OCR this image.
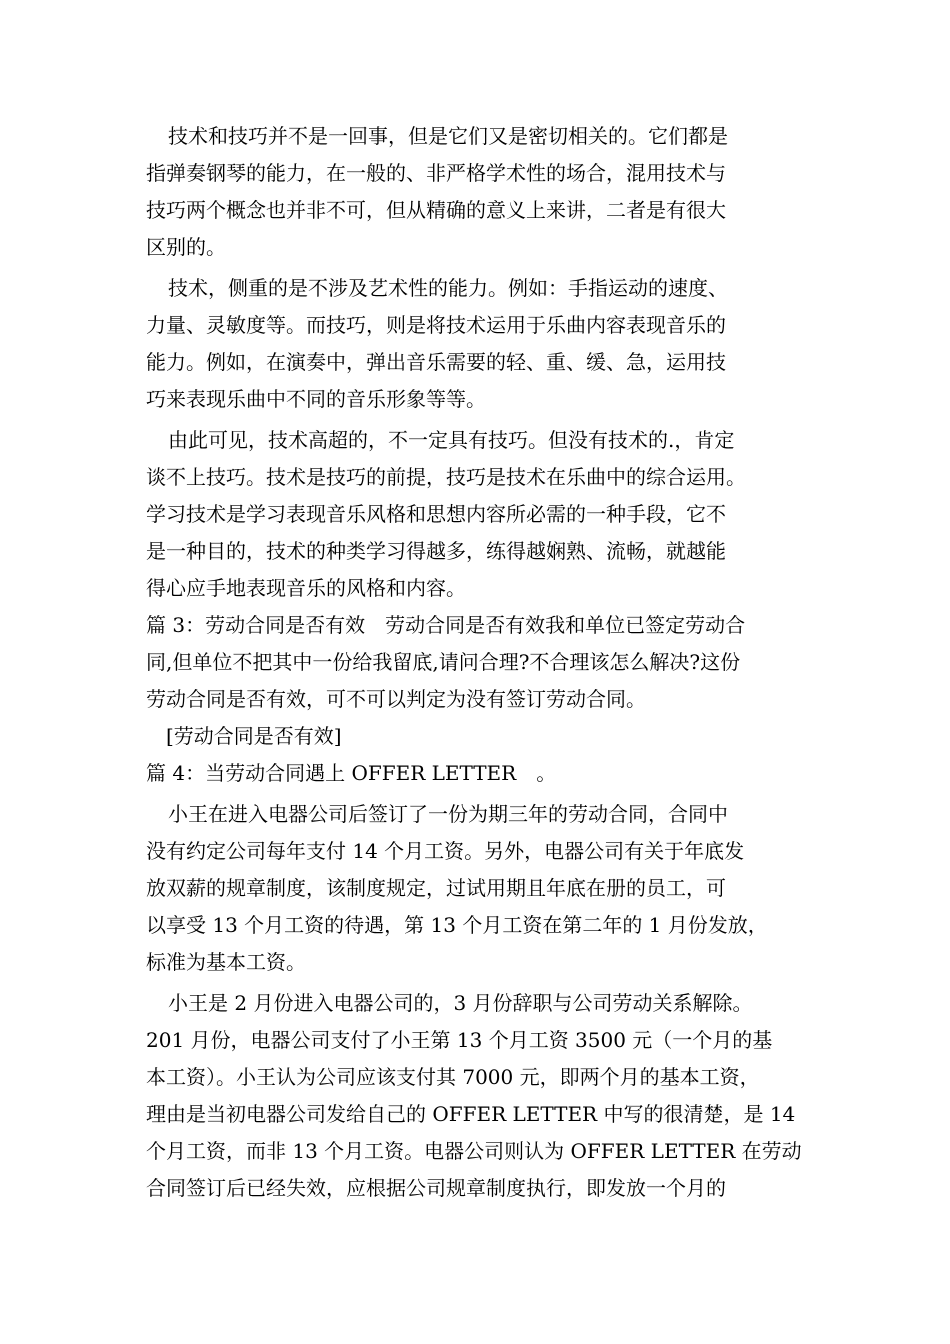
技术和技巧并不是一回事，但是它们又是密切相关的。它们都是
指弹奏钢琴的能力，在一般的、非严格学术性的场合，混用技术与
技巧两个概念也并非不可，但从精确的意义上来讲，二者是有很大
区别的。
技术，侧重的是不涉及艺术性的能力。例如：手指运动的速度、
力量、灵敏度等。而技巧，则是将技术运用于乐曲内容表现音乐的
能力。例如，在演奏中，弹出音乐需要的轻、重、缓、急，运用技
巧来表现乐曲中不同的音乐形象等等。
由此可见，技术高超的，不一定具有技巧。但没有技术的.，肯定
谈不上技巧。技术是技巧的前提，技巧是技术在乐曲中的综合运用。
学习技术是学习表现音乐风格和思想内容所必需的一种手段，它不
是一种目的，技术的种类学习得越多，练得越娴熟、流畅，就越能
得心应手地表现音乐的风格和内容。
篇 3：劳动合同是否有效　劳动合同是否有效我和单位已签定劳动合
同,但单位不把其中一份给我留底,请问合理?不合理该怎么解决?这份
劳动合同是否有效，可不可以判定为没有签订劳动合同。
[劳动合同是否有效]
篇 4：当劳动合同遇上 OFFER LETTER　。
小王在进入电器公司后签订了一份为期三年的劳动合同，合同中
没有约定公司每年支付 14 个月工资。另外，电器公司有关于年底发
放双薪的规章制度，该制度规定，过试用期且年底在册的员工，可
以享受 13 个月工资的待遇，第 13 个月工资在第二年的 1 月份发放，
标准为基本工资。
小王是 2 月份进入电器公司的，3 月份辞职与公司劳动关系解除。
201 月份，电器公司支付了小王第 13 个月工资 3500 元（一个月的基
本工资）。小王认为公司应该支付其 7000 元，即两个月的基本工资，
理由是当初电器公司发给自己的 OFFER LETTER 中写的很清楚，是 14
个月工资，而非 13 个月工资。电器公司则认为 OFFER LETTER 在劳动
合同签订后已经失效，应根据公司规章制度执行，即发放一个月的
